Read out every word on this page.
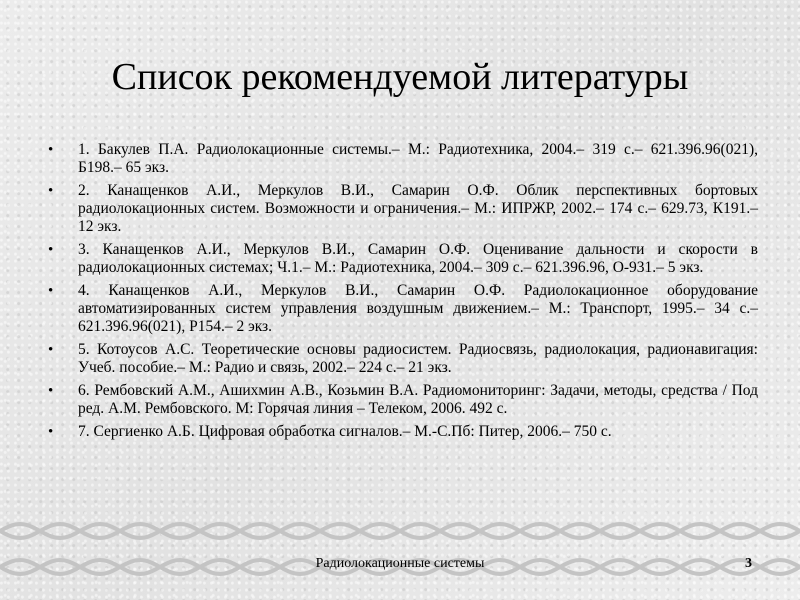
Список рекомендуемой литературы
• 1. Бакулев П.А. Радиолокационные системы.– М.: Радиотехника, 2004.– 319 с.– 621.396.96(021), Б198.– 65 экз.
• 2. Канащенков А.И., Меркулов В.И., Самарин О.Ф. Облик перспективных бортовых радиолокационных систем. Возможности и ограничения.– М.: ИПРЖР, 2002.– 174 с.– 629.73, К191.– 12 экз.
• 3. Канащенков А.И., Меркулов В.И., Самарин О.Ф. Оценивание дальности и скорости в радиолокационных системах; Ч.1.– М.: Радиотехника, 2004.– 309 с.– 621.396.96, О-931.– 5 экз.
• 4. Канащенков А.И., Меркулов В.И., Самарин О.Ф. Радиолокационное оборудование автоматизированных систем управления воздушным движением.– М.: Транспорт, 1995.– 34 с.– 621.396.96(021), Р154.– 2 экз.
• 5. Котоусов А.С. Теоретические основы радиосистем. Радиосвязь, радиолокация, радионавигация: Учеб. пособие.– М.: Радио и связь, 2002.– 224 с.– 21 экз.
• 6. Рембовский А.М., Ашихмин А.В., Козьмин В.А. Радиомониторинг: Задачи, методы, средства / Под ред. А.М. Рембовского. М: Горячая линия – Телеком, 2006. 492 с.
• 7. Сергиенко А.Б. Цифровая обработка сигналов.– М.-С.Пб: Питер, 2006.– 750 с.
Радиолокационные системы	3
